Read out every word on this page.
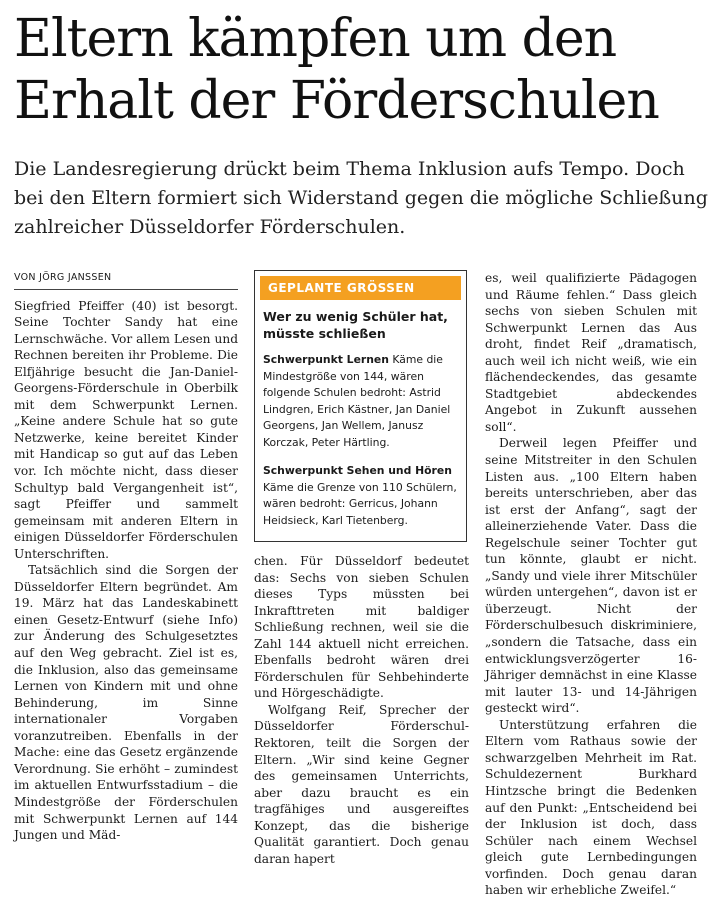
Eltern kämpfen um den Erhalt der Förderschulen

Die Landesregierung drückt beim Thema Inklusion aufs Tempo. Doch bei den Eltern formiert sich Widerstand gegen die mögliche Schließung zahlreicher Düsseldorfer Förderschulen.

VON JÖRG JANSSEN

Siegfried Pfeiffer (40) ist besorgt. Seine Tochter Sandy hat eine Lernschwäche. Vor allem Lesen und Rechnen bereiten ihr Probleme. Die Elfjährige besucht die Jan-Daniel-Georgens-Förderschule in Oberbilk mit dem Schwerpunkt Lernen. „Keine andere Schule hat so gute Netzwerke, keine bereitet Kinder mit Handicap so gut auf das Leben vor. Ich möchte nicht, dass dieser Schultyp bald Vergangenheit ist“, sagt Pfeiffer und sammelt gemeinsam mit anderen Eltern in einigen Düsseldorfer Förderschulen Unterschriften.

Tatsächlich sind die Sorgen der Düsseldorfer Eltern begründet. Am 19. März hat das Landeskabinett einen Gesetz-Entwurf (siehe Info) zur Änderung des Schulgesetztes auf den Weg gebracht. Ziel ist es, die Inklusion, also das gemeinsame Lernen von Kindern mit und ohne Behinderung, im Sinne internationaler Vorgaben voranzutreiben. Ebenfalls in der Mache: eine das Gesetz ergänzende Verordnung. Sie erhöht – zumindest im aktuellen Entwurfsstadium – die Mindestgröße der Förderschulen mit Schwerpunkt Lernen auf 144 Jungen und Mäd-

GEPLANTE GRÖSSEN
Wer zu wenig Schüler hat, müsste schließen
Schwerpunkt Lernen Käme die Mindestgröße von 144, wären folgende Schulen bedroht: Astrid Lindgren, Erich Kästner, Jan Daniel Georgens, Jan Wellem, Janusz Korczak, Peter Härtling.
Schwerpunkt Sehen und Hören Käme die Grenze von 110 Schülern, wären bedroht: Gerricus, Johann Heidsieck, Karl Tietenberg.

chen. Für Düsseldorf bedeutet das: Sechs von sieben Schulen dieses Typs müssten bei Inkrafttreten mit baldiger Schließung rechnen, weil sie die Zahl 144 aktuell nicht erreichen. Ebenfalls bedroht wären drei Förderschulen für Sehbehinderte und Hörgeschädigte.

Wolfgang Reif, Sprecher der Düsseldorfer Förderschul-Rektoren, teilt die Sorgen der Eltern. „Wir sind keine Gegner des gemeinsamen Unterrichts, aber dazu braucht es ein tragfähiges und ausgereiftes Konzept, das die bisherige Qualität garantiert. Doch genau daran hapert

es, weil qualifizierte Pädagogen und Räume fehlen.“ Dass gleich sechs von sieben Schulen mit Schwerpunkt Lernen das Aus droht, findet Reif „dramatisch, auch weil ich nicht weiß, wie ein flächendeckendes, das gesamte Stadtgebiet abdeckendes Angebot in Zukunft aussehen soll“.

Derweil legen Pfeiffer und seine Mitstreiter in den Schulen Listen aus. „100 Eltern haben bereits unterschrieben, aber das ist erst der Anfang“, sagt der alleinerziehende Vater. Dass die Regelschule seiner Tochter gut tun könnte, glaubt er nicht. „Sandy und viele ihrer Mitschüler würden untergehen“, davon ist er überzeugt. Nicht der Förderschulbesuch diskriminiere, „sondern die Tatsache, dass ein entwicklungsverzögerter 16-Jähriger demnächst in eine Klasse mit lauter 13- und 14-Jährigen gesteckt wird“.

Unterstützung erfahren die Eltern vom Rathaus sowie der schwarzgelben Mehrheit im Rat. Schuldezernent Burkhard Hintzsche bringt die Bedenken auf den Punkt: „Entscheidend bei der Inklusion ist doch, dass Schüler nach einem Wechsel gleich gute Lernbedingungen vorfinden. Doch genau daran haben wir erhebliche Zweifel.“
